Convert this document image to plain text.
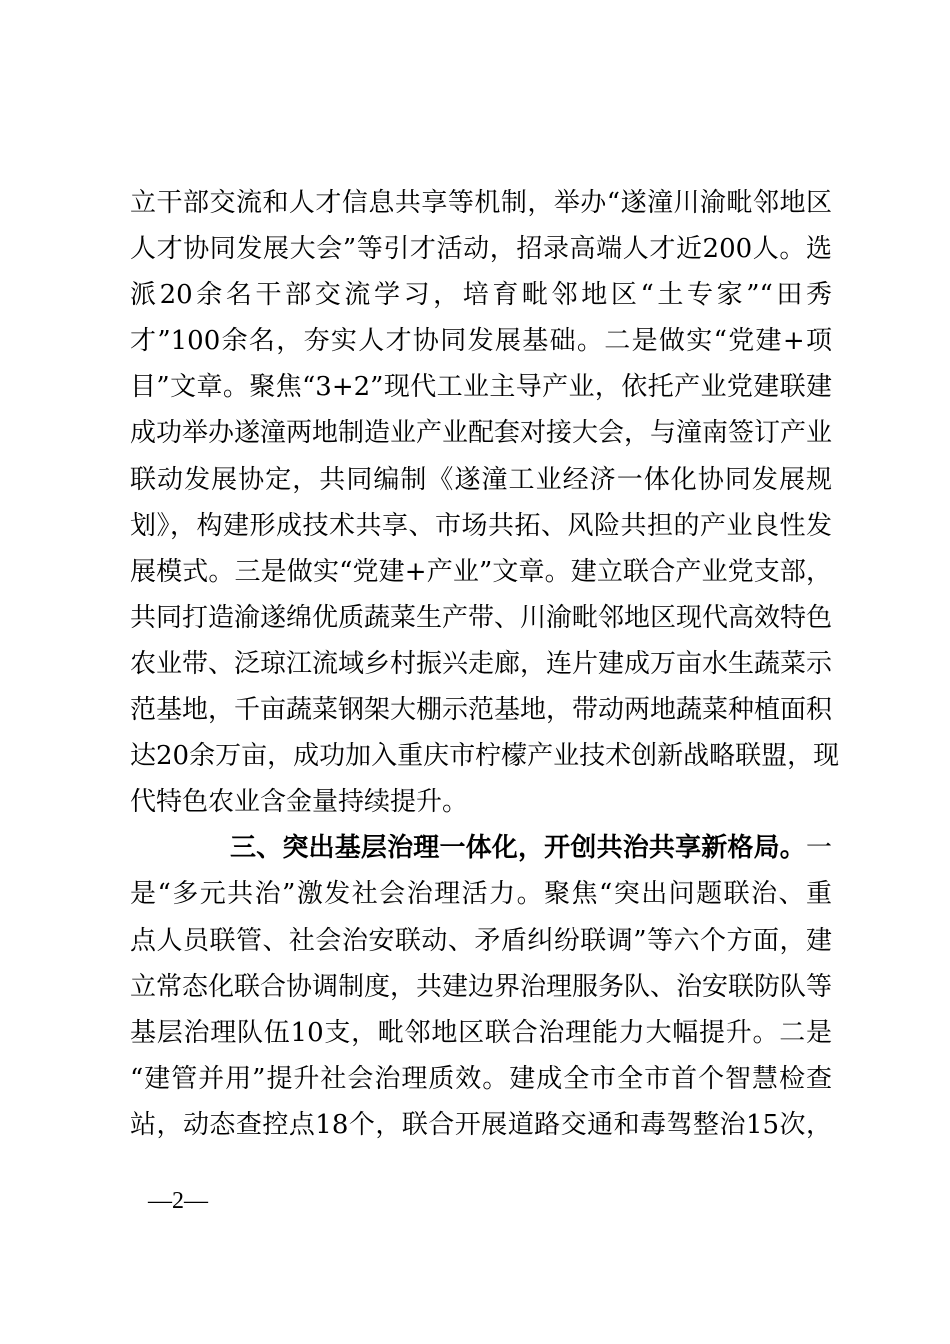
立干部交流和人才信息共享等机制，举办“遂潼川渝毗邻地区
人才协同发展大会”等引才活动，招录高端人才近200人。选
派20余名干部交流学习，培育毗邻地区“土专家”“田秀
才”100余名，夯实人才协同发展基础。二是做实“党建+项
目”文章。聚焦“3+2”现代工业主导产业，依托产业党建联建
成功举办遂潼两地制造业产业配套对接大会，与潼南签订产业
联动发展协定，共同编制《遂潼工业经济一体化协同发展规
划》，构建形成技术共享、市场共拓、风险共担的产业良性发
展模式。三是做实“党建+产业”文章。建立联合产业党支部，
共同打造渝遂绵优质蔬菜生产带、川渝毗邻地区现代高效特色
农业带、泛琼江流域乡村振兴走廊，连片建成万亩水生蔬菜示
范基地，千亩蔬菜钢架大棚示范基地，带动两地蔬菜种植面积
达20余万亩，成功加入重庆市柠檬产业技术创新战略联盟，现
代特色农业含金量持续提升。
三、突出基层治理一体化，开创共治共享新格局。一
是“多元共治”激发社会治理活力。聚焦“突出问题联治、重
点人员联管、社会治安联动、矛盾纠纷联调”等六个方面，建
立常态化联合协调制度，共建边界治理服务队、治安联防队等
基层治理队伍10支，毗邻地区联合治理能力大幅提升。二是
“建管并用”提升社会治理质效。建成全市全市首个智慧检查
站，动态查控点18个，联合开展道路交通和毒驾整治15次，
—2—
